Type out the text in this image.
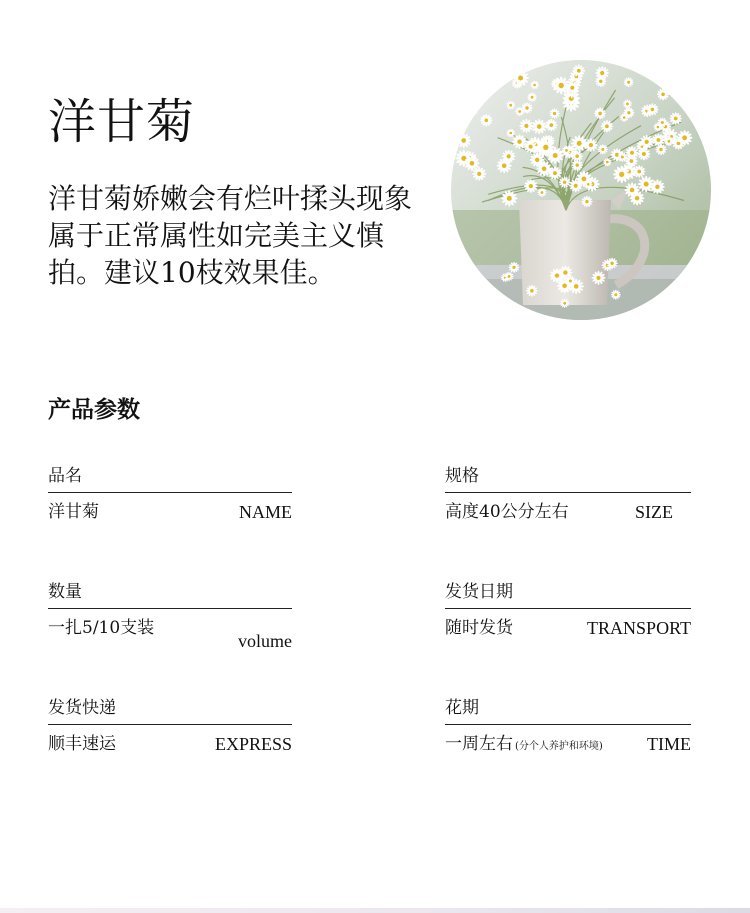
洋甘菊

洋甘菊娇嫩会有烂叶揉头现象属于正常属性如完美主义慎拍。建议10枝效果佳。

产品参数
品名
洋甘菊	NAME
规格
高度40公分左右	SIZE
数量
一扎5/10支装
volume
发货日期
随时发货	TRANSPORT
发货快递
顺丰速运	EXPRESS
花期
一周左右 (分个人养护和环境) TIME
